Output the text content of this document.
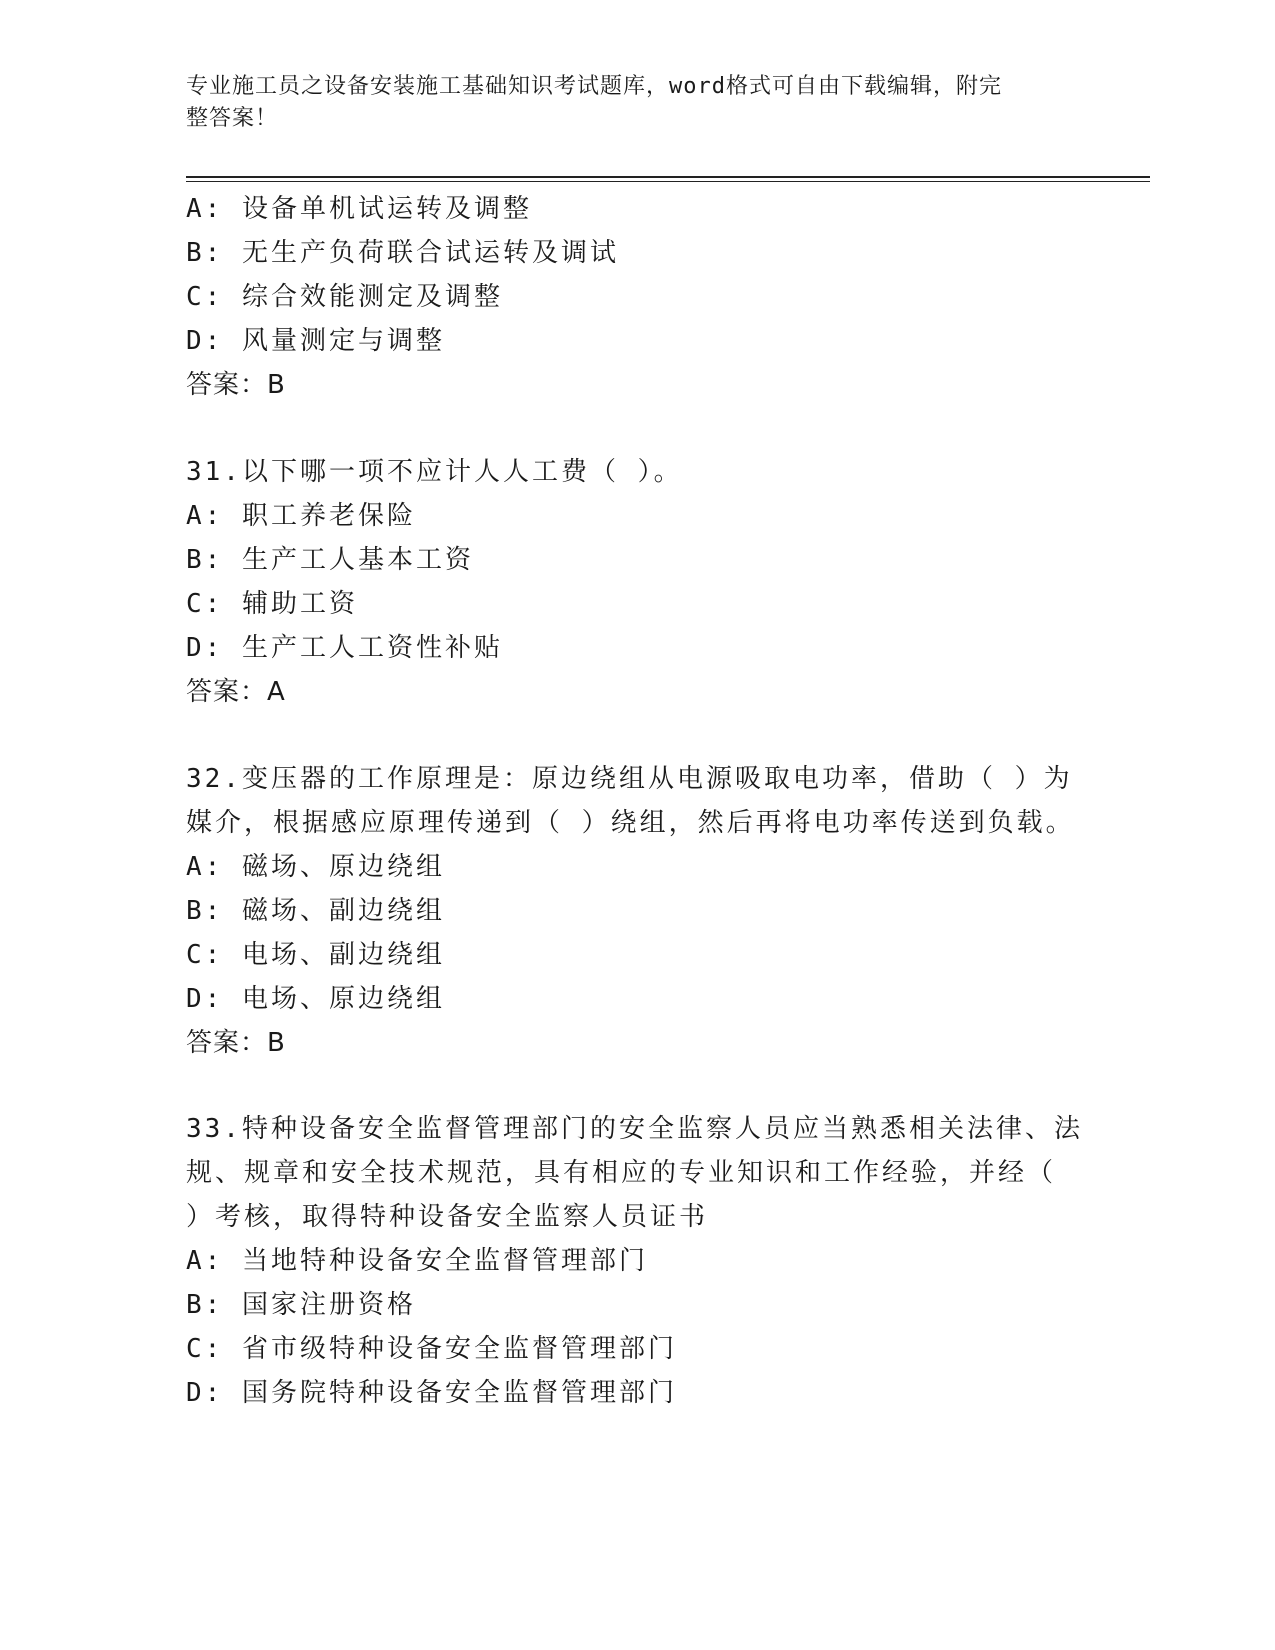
专业施工员之设备安装施工基础知识考试题库，word格式可自由下载编辑，附完
整答案！
A: 设备单机试运转及调整
B: 无生产负荷联合试运转及调试
C: 综合效能测定及调整
D: 风量测定与调整
答案：B
31.以下哪一项不应计人人工费（ ）。
A: 职工养老保险
B: 生产工人基本工资
C: 辅助工资
D: 生产工人工资性补贴
答案：A
32.变压器的工作原理是：原边绕组从电源吸取电功率，借助（ ）为
媒介，根据感应原理传递到（ ）绕组，然后再将电功率传送到负载。
A: 磁场、原边绕组
B: 磁场、副边绕组
C: 电场、副边绕组
D: 电场、原边绕组
答案：B
33.特种设备安全监督管理部门的安全监察人员应当熟悉相关法律、法
规、规章和安全技术规范，具有相应的专业知识和工作经验，并经（
）考核，取得特种设备安全监察人员证书
A: 当地特种设备安全监督管理部门
B: 国家注册资格
C: 省市级特种设备安全监督管理部门
D: 国务院特种设备安全监督管理部门
